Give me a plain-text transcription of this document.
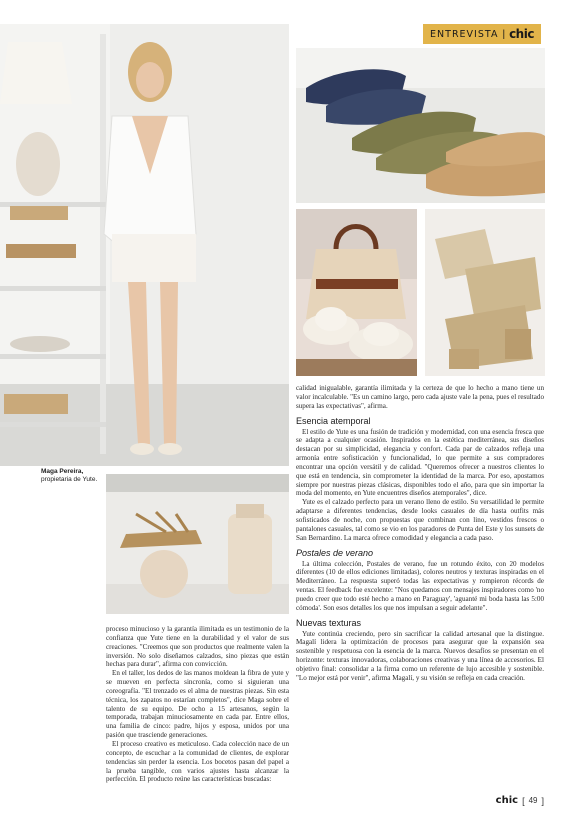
ENTREVISTA | chic
Maga Pereira,
propietaria de Yute.

proceso minucioso y la garantía ilimitada es un testimonio de la confianza que Yute tiene en la durabilidad y el valor de sus creaciones. "Creemos que son productos que realmente valen la inversión. No solo diseñamos calzados, sino piezas que están hechas para durar", afirma con convicción.

En el taller, los dedos de las manos moldean la fibra de yute y se mueven en perfecta sincronía, como si siguieran una coreografía. "El trenzado es el alma de nuestras piezas. Sin esta técnica, los zapatos no estarían completos", dice Maga sobre el talento de su equipo. De ocho a 15 artesanos, según la temporada, trabajan minuciosamente en cada par. Entre ellos, una familia de cinco: padre, hijos y esposa, unidos por una pasión que trasciende generaciones.

El proceso creativo es meticuloso. Cada colección nace de un concepto, de escuchar a la comunidad de clientes, de explorar tendencias sin perder la esencia. Los bocetos pasan del papel a la prueba tangible, con varios ajustes hasta alcanzar la perfección. El producto reúne las características buscadas:

calidad inigualable, garantía ilimitada y la certeza de que lo hecho a mano tiene un valor incalculable. "Es un camino largo, pero cada ajuste vale la pena, pues el resultado supera las expectativas", afirma.

Esencia atemporal

El estilo de Yute es una fusión de tradición y modernidad, con una esencia fresca que se adapta a cualquier ocasión. Inspirados en la estética mediterránea, sus diseños destacan por su simplicidad, elegancia y confort. Cada par de calzados refleja una armonía entre sofisticación y funcionalidad, lo que permite a sus compradores encontrar una opción versátil y de calidad. "Queremos ofrecer a nuestros clientes lo que está en tendencia, sin comprometer la identidad de la marca. Por eso, apostamos siempre por nuestras piezas clásicas, disponibles todo el año, para que sin importar la moda del momento, en Yute encuentres diseños atemporales", dice.

Yute es el calzado perfecto para un verano lleno de estilo. Su versatilidad le permite adaptarse a diferentes tendencias, desde looks casuales de día hasta outfits más sofisticados de noche, con propuestas que combinan con lino, vestidos frescos o pantalones casuales, tal como se vio en los paradores de Punta del Este y los sunsets de San Bernardino. La marca ofrece comodidad y elegancia a cada paso.

Postales de verano

La última colección, Postales de verano, fue un rotundo éxito, con 20 modelos diferentes (10 de ellos ediciones limitadas), colores neutros y texturas inspiradas en el Mediterráneo. La respuesta superó todas las expectativas y rompieron récords de ventas. El feedback fue excelente: "Nos quedamos con mensajes inspiradores como 'no puedo creer que todo esté hecho a mano en Paraguay', 'aguanté mi boda hasta las 5:00 cómoda'. Son esos detalles los que nos impulsan a seguir adelante".

Nuevas texturas

Yute continúa creciendo, pero sin sacrificar la calidad artesanal que la distingue. Magalí lidera la optimización de procesos para asegurar que la expansión sea sostenible y respetuosa con la esencia de la marca. Nuevos desafíos se presentan en el horizonte: texturas innovadoras, colaboraciones creativas y una línea de accesorios. El objetivo final: consolidar a la firma como un referente de lujo accesible y sostenible. "Lo mejor está por venir", afirma Magalí, y su visión se refleja en cada creación.

chic [ 49 ]
